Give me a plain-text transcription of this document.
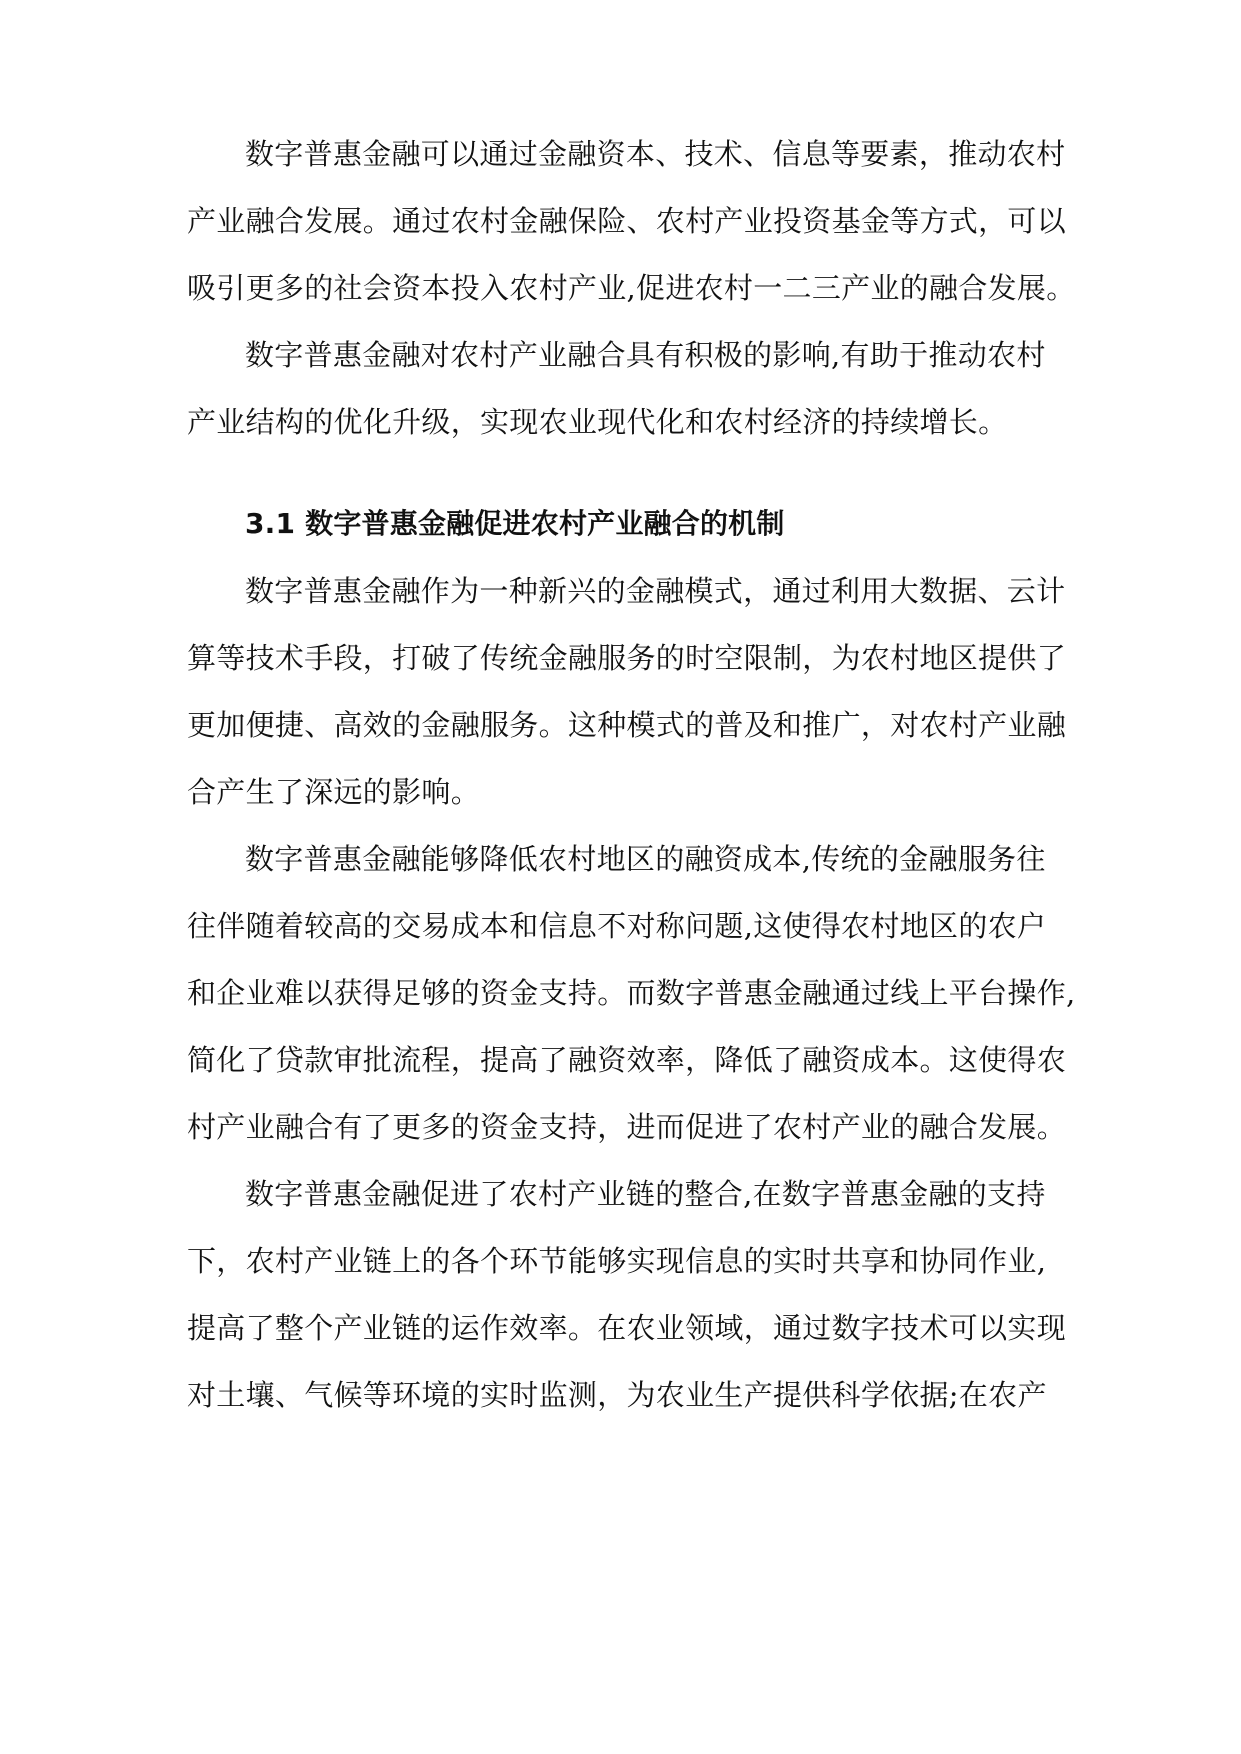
数字普惠金融可以通过金融资本、技术、信息等要素，推动农村
产业融合发展。通过农村金融保险、农村产业投资基金等方式，可以
吸引更多的社会资本投入农村产业,促进农村一二三产业的融合发展。
数字普惠金融对农村产业融合具有积极的影响,有助于推动农村
产业结构的优化升级，实现农业现代化和农村经济的持续增长。
3.1 数字普惠金融促进农村产业融合的机制
数字普惠金融作为一种新兴的金融模式，通过利用大数据、云计
算等技术手段，打破了传统金融服务的时空限制，为农村地区提供了
更加便捷、高效的金融服务。这种模式的普及和推广，对农村产业融
合产生了深远的影响。
数字普惠金融能够降低农村地区的融资成本,传统的金融服务往
往伴随着较高的交易成本和信息不对称问题,这使得农村地区的农户
和企业难以获得足够的资金支持。而数字普惠金融通过线上平台操作,
简化了贷款审批流程，提高了融资效率，降低了融资成本。这使得农
村产业融合有了更多的资金支持，进而促进了农村产业的融合发展。
数字普惠金融促进了农村产业链的整合,在数字普惠金融的支持
下，农村产业链上的各个环节能够实现信息的实时共享和协同作业,
提高了整个产业链的运作效率。在农业领域，通过数字技术可以实现
对土壤、气候等环境的实时监测，为农业生产提供科学依据;在农产
